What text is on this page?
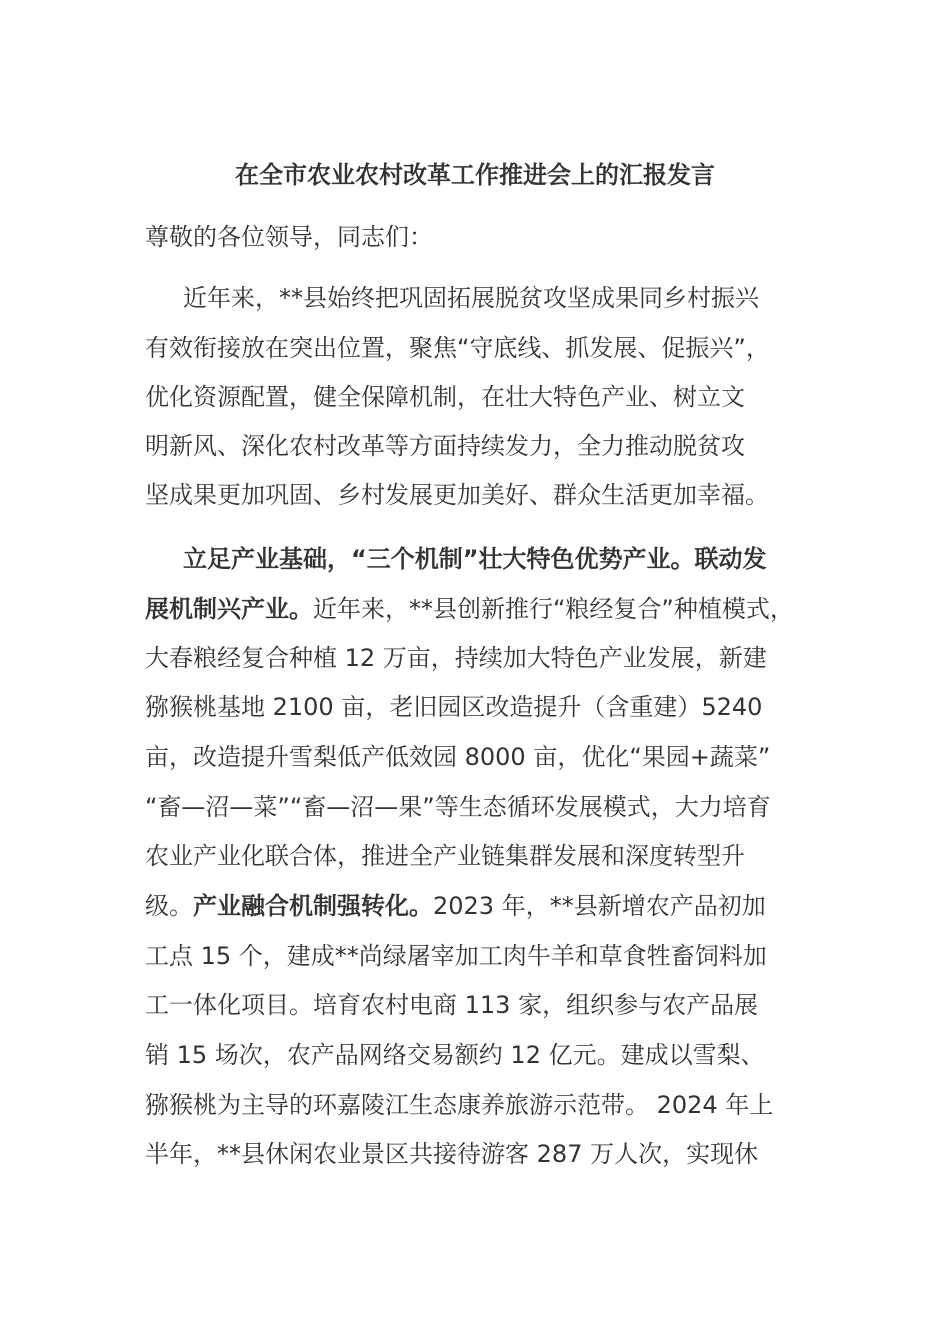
在全市农业农村改革工作推进会上的汇报发言
尊敬的各位领导，同志们：
近年来，**县始终把巩固拓展脱贫攻坚成果同乡村振兴
有效衔接放在突出位置，聚焦“守底线、抓发展、促振兴”，
优化资源配置，健全保障机制，在壮大特色产业、树立文
明新风、深化农村改革等方面持续发力，全力推动脱贫攻
坚成果更加巩固、乡村发展更加美好、群众生活更加幸福。
立足产业基础，“三个机制”壮大特色优势产业。联动发
展机制兴产业。近年来，**县创新推行“粮经复合”种植模式，
大春粮经复合种植 12 万亩，持续加大特色产业发展，新建
猕猴桃基地 2100 亩，老旧园区改造提升（含重建）5240
亩，改造提升雪梨低产低效园 8000 亩，优化“果园+蔬菜”
“畜—沼—菜”“畜—沼—果”等生态循环发展模式，大力培育
农业产业化联合体，推进全产业链集群发展和深度转型升
级。产业融合机制强转化。2023 年，**县新增农产品初加
工点 15 个，建成**尚绿屠宰加工肉牛羊和草食牲畜饲料加
工一体化项目。培育农村电商 113 家，组织参与农产品展
销 15 场次，农产品网络交易额约 12 亿元。建成以雪梨、
猕猴桃为主导的环嘉陵江生态康养旅游示范带。 2024 年上
半年，**县休闲农业景区共接待游客 287 万人次，实现休
